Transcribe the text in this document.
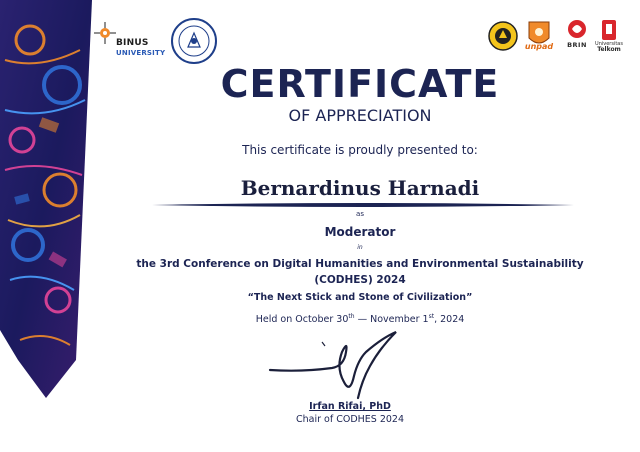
BINUS
UNIVERSITY
unpad	BRIN	Universitas
Telkom
CERTIFICATE
OF APPRECIATION
This certificate is proudly presented to:
Bernardinus Harnadi
as
Moderator
in
the 3rd Conference on Digital Humanities and Environmental Sustainability
(CODHES) 2024
“The Next Stick and Stone of Civilization”
Held on October 30th — November 1st, 2024
Irfan Rifai, PhD
Chair of CODHES 2024
